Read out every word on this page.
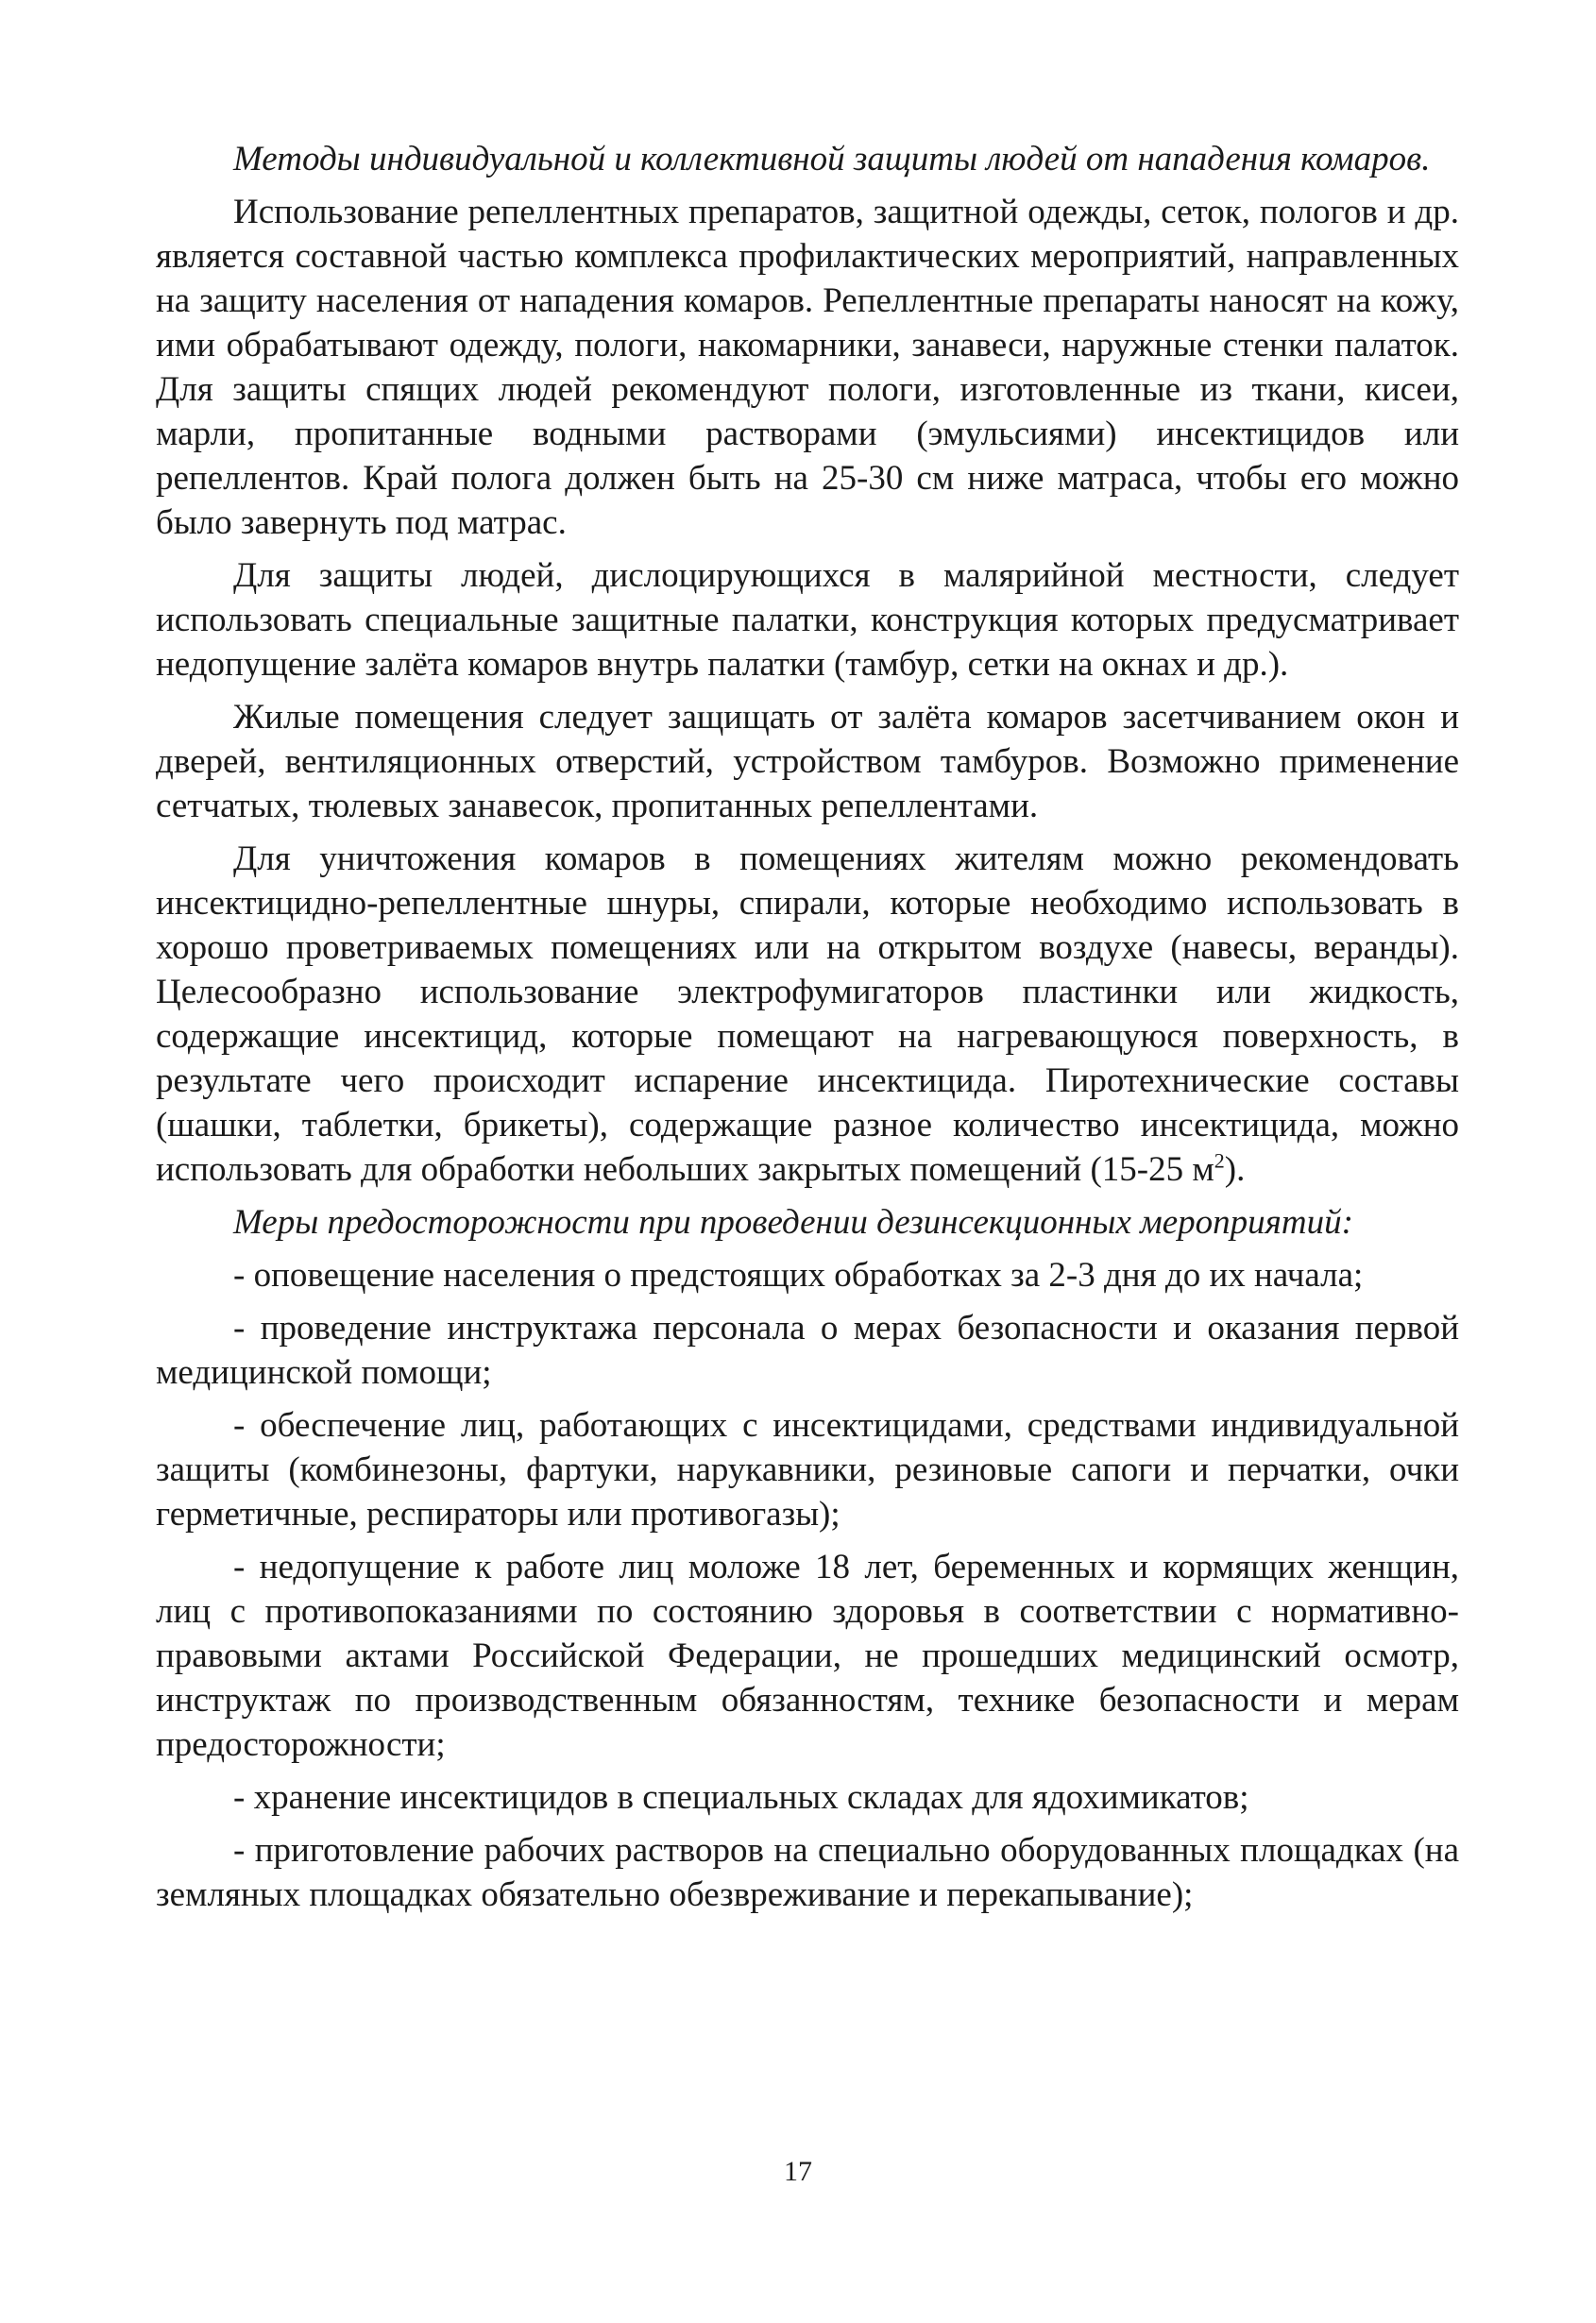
Методы индивидуальной и коллективной защиты людей от нападения комаров.

Использование репеллентных препаратов, защитной одежды, сеток, пологов и др. является составной частью комплекса профилактических мероприятий, направленных на защиту населения от нападения комаров. Репеллентные препараты наносят на кожу, ими обрабатывают одежду, пологи, накомарники, занавеси, наружные стенки палаток. Для защиты спящих людей рекомендуют пологи, изготовленные из ткани, кисеи, марли, пропитанные водными растворами (эмульсиями) инсектицидов или репеллентов. Край полога должен быть на 25-30 см ниже матраса, чтобы его можно было завернуть под матрас.

Для защиты людей, дислоцирующихся в малярийной местности, следует использовать специальные защитные палатки, конструкция которых предусматривает недопущение залёта комаров внутрь палатки (тамбур, сетки на окнах и др.).

Жилые помещения следует защищать от залёта комаров засетчиванием окон и дверей, вентиляционных отверстий, устройством тамбуров. Возможно применение сетчатых, тюлевых занавесок, пропитанных репеллентами.

Для уничтожения комаров в помещениях жителям можно рекомендовать инсектицидно-репеллентные шнуры, спирали, которые необходимо использовать в хорошо проветриваемых помещениях или на открытом воздухе (навесы, веранды). Целесообразно использование электрофумигаторов пластинки или жидкость, содержащие инсектицид, которые помещают на нагревающуюся поверхность, в результате чего происходит испарение инсектицида. Пиротехнические составы (шашки, таблетки, брикеты), содержащие разное количество инсектицида, можно использовать для обработки небольших закрытых помещений (15-25 $м^2$).

Меры предосторожности при проведении дезинсекционных мероприятий:

- оповещение населения о предстоящих обработках за 2-3 дня до их начала;

- проведение инструктажа персонала о мерах безопасности и оказания первой медицинской помощи;

- обеспечение лиц, работающих с инсектицидами, средствами индивидуальной защиты (комбинезоны, фартуки, нарукавники, резиновые сапоги и перчатки, очки герметичные, респираторы или противогазы);

- недопущение к работе лиц моложе 18 лет, беременных и кормящих женщин, лиц с противопоказаниями по состоянию здоровья в соответствии с нормативно-правовыми актами Российской Федерации, не прошедших медицинский осмотр, инструктаж по производственным обязанностям, технике безопасности и мерам предосторожности;

- хранение инсектицидов в специальных складах для ядохимикатов;

- приготовление рабочих растворов на специально оборудованных площадках (на земляных площадках обязательно обезвреживание и перекапывание);

17
